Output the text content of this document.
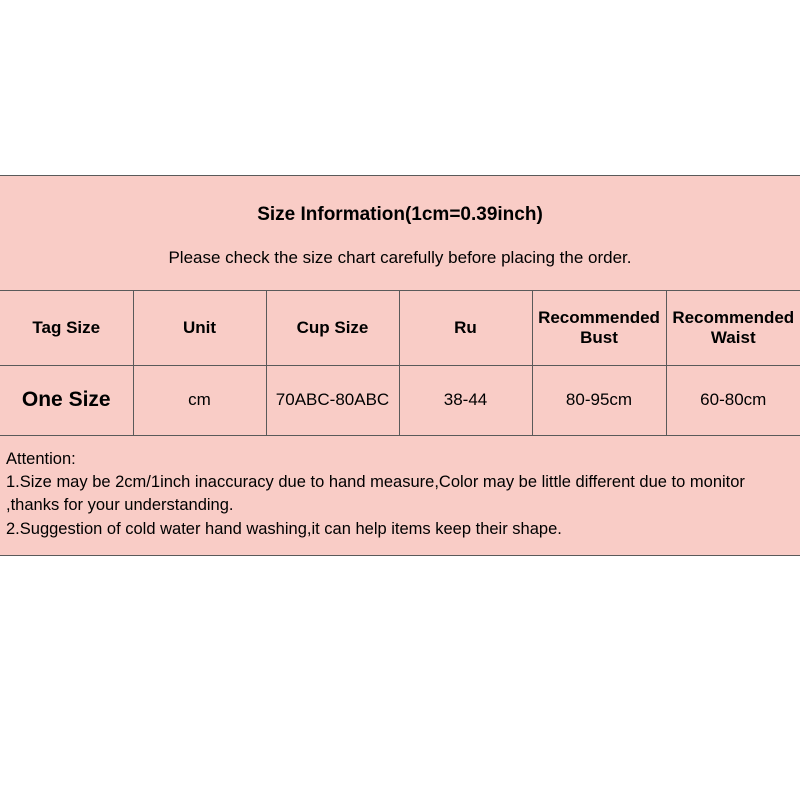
Size Information(1cm=0.39inch)
Please check the size chart carefully before placing the order.
Tag Size	Unit	Cup Size	Ru	Recommended Bust	Recommended Waist
One Size	cm	70ABC-80ABC	38-44	80-95cm	60-80cm
Attention:
1.Size may be 2cm/1inch inaccuracy due to hand measure,Color may be little different due to monitor ,thanks for your understanding.
2.Suggestion of cold water hand washing,it can help items keep their shape.
